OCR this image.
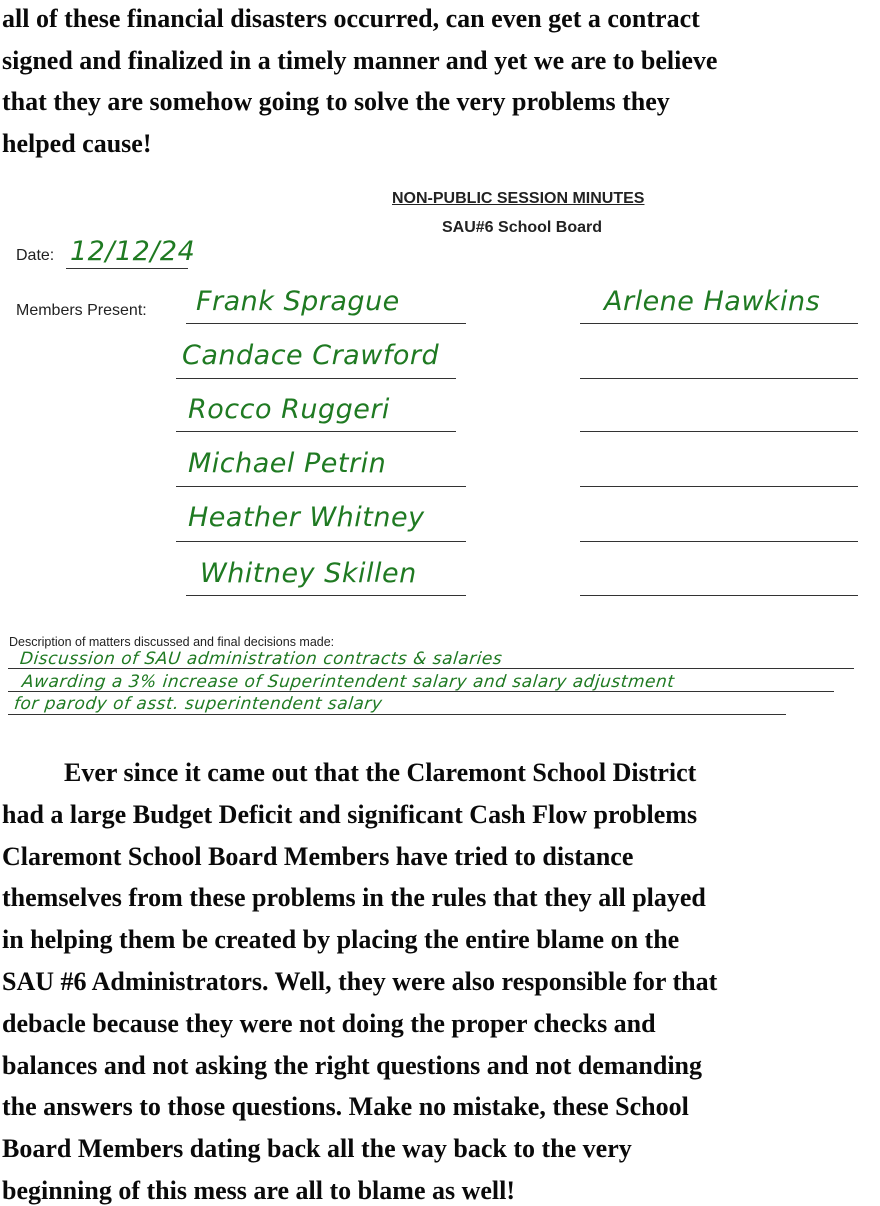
all of these financial disasters occurred, can even get a contract
signed and finalized in a timely manner and yet we are to believe
that they are somehow going to solve the very problems they
helped cause!

NON-PUBLIC SESSION MINUTES
SAU#6 School Board
Date: 12/12/24
Members Present: Frank Sprague
Candace Crawford
Rocco Ruggeri
Michael Petrin
Heather Whitney
Whitney Skillen
Arlene Hawkins
Description of matters discussed and final decisions made:
Discussion of SAU administration contracts & salaries
Awarding a 3% increase of Superintendent salary and salary adjustment
for parody of asst. superintendent salary

Ever since it came out that the Claremont School District
had a large Budget Deficit and significant Cash Flow problems
Claremont School Board Members have tried to distance
themselves from these problems in the rules that they all played
in helping them be created by placing the entire blame on the
SAU #6 Administrators. Well, they were also responsible for that
debacle because they were not doing the proper checks and
balances and not asking the right questions and not demanding
the answers to those questions. Make no mistake, these School
Board Members dating back all the way back to the very
beginning of this mess are all to blame as well!
